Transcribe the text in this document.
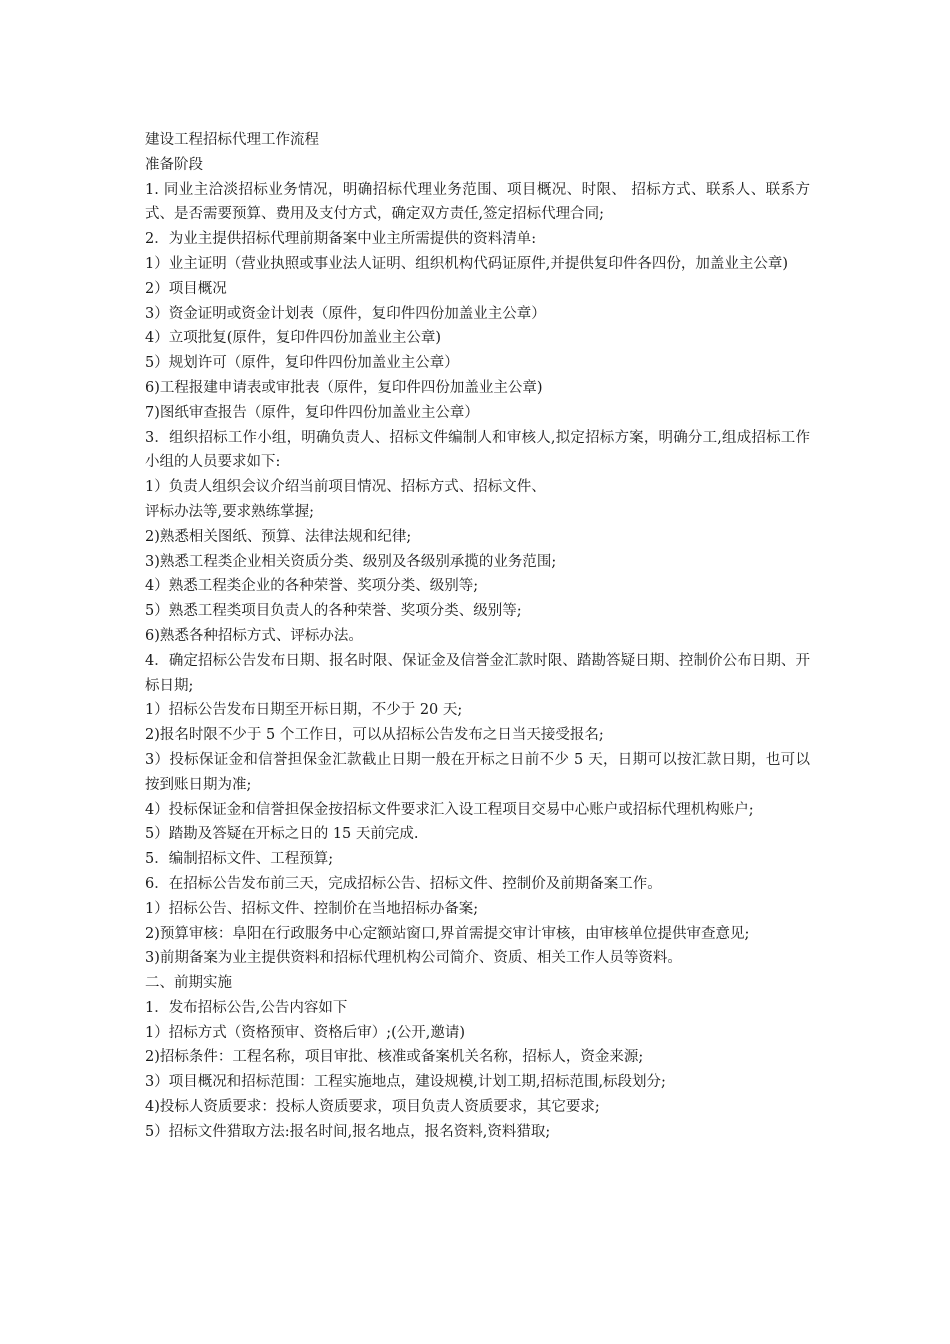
建设工程招标代理工作流程

准备阶段

1. 同业主洽淡招标业务情况，明确招标代理业务范围、项目概况、时限、 招标方式、联系人、联系方式、是否需要预算、费用及支付方式，确定双方责任,签定招标代理合同;

2．为业主提供招标代理前期备案中业主所需提供的资料清单:

1）业主证明（营业执照或事业法人证明、组织机构代码证原件,并提供复印件各四份，加盖业主公章)

2）项目概况

3）资金证明或资金计划表（原件，复印件四份加盖业主公章）

4）立项批复(原件，复印件四份加盖业主公章)

5）规划许可（原件，复印件四份加盖业主公章）

6)工程报建申请表或审批表（原件，复印件四份加盖业主公章)

7)图纸审查报告（原件，复印件四份加盖业主公章）

3．组织招标工作小组，明确负责人、招标文件编制人和审核人,拟定招标方案，明确分工,组成招标工作小组的人员要求如下:

1）负责人组织会议介绍当前项目情况、招标方式、招标文件、

评标办法等,要求熟练掌握;

2)熟悉相关图纸、预算、法律法规和纪律;

3)熟悉工程类企业相关资质分类、级别及各级别承揽的业务范围;

4）熟悉工程类企业的各种荣誉、奖项分类、级别等;

5）熟悉工程类项目负责人的各种荣誉、奖项分类、级别等;

6)熟悉各种招标方式、评标办法。

4．确定招标公告发布日期、报名时限、保证金及信誉金汇款时限、踏勘答疑日期、控制价公布日期、开标日期;

1）招标公告发布日期至开标日期，不少于 20 天;

2)报名时限不少于 5 个工作日，可以从招标公告发布之日当天接受报名;

3）投标保证金和信誉担保金汇款截止日期一般在开标之日前不少 5 天，日期可以按汇款日期，也可以按到账日期为准;

4）投标保证金和信誉担保金按招标文件要求汇入设工程项目交易中心账户或招标代理机构账户;

5）踏勘及答疑在开标之日的 15 天前完成.

5．编制招标文件、工程预算;

6．在招标公告发布前三天，完成招标公告、招标文件、控制价及前期备案工作。

1）招标公告、招标文件、控制价在当地招标办备案;

2)预算审核：阜阳在行政服务中心定额站窗口,界首需提交审计审核，由审核单位提供审查意见;

3)前期备案为业主提供资料和招标代理机构公司简介、资质、相关工作人员等资料。

二、前期实施

1．发布招标公告,公告内容如下

1）招标方式（资格预审、资格后审）;(公开,邀请)

2)招标条件：工程名称，项目审批、核准或备案机关名称，招标人，资金来源;

3）项目概况和招标范围：工程实施地点，建设规模,计划工期,招标范围,标段划分;

4)投标人资质要求：投标人资质要求，项目负责人资质要求，其它要求;

5）招标文件猎取方法:报名时间,报名地点，报名资料,资料猎取;
